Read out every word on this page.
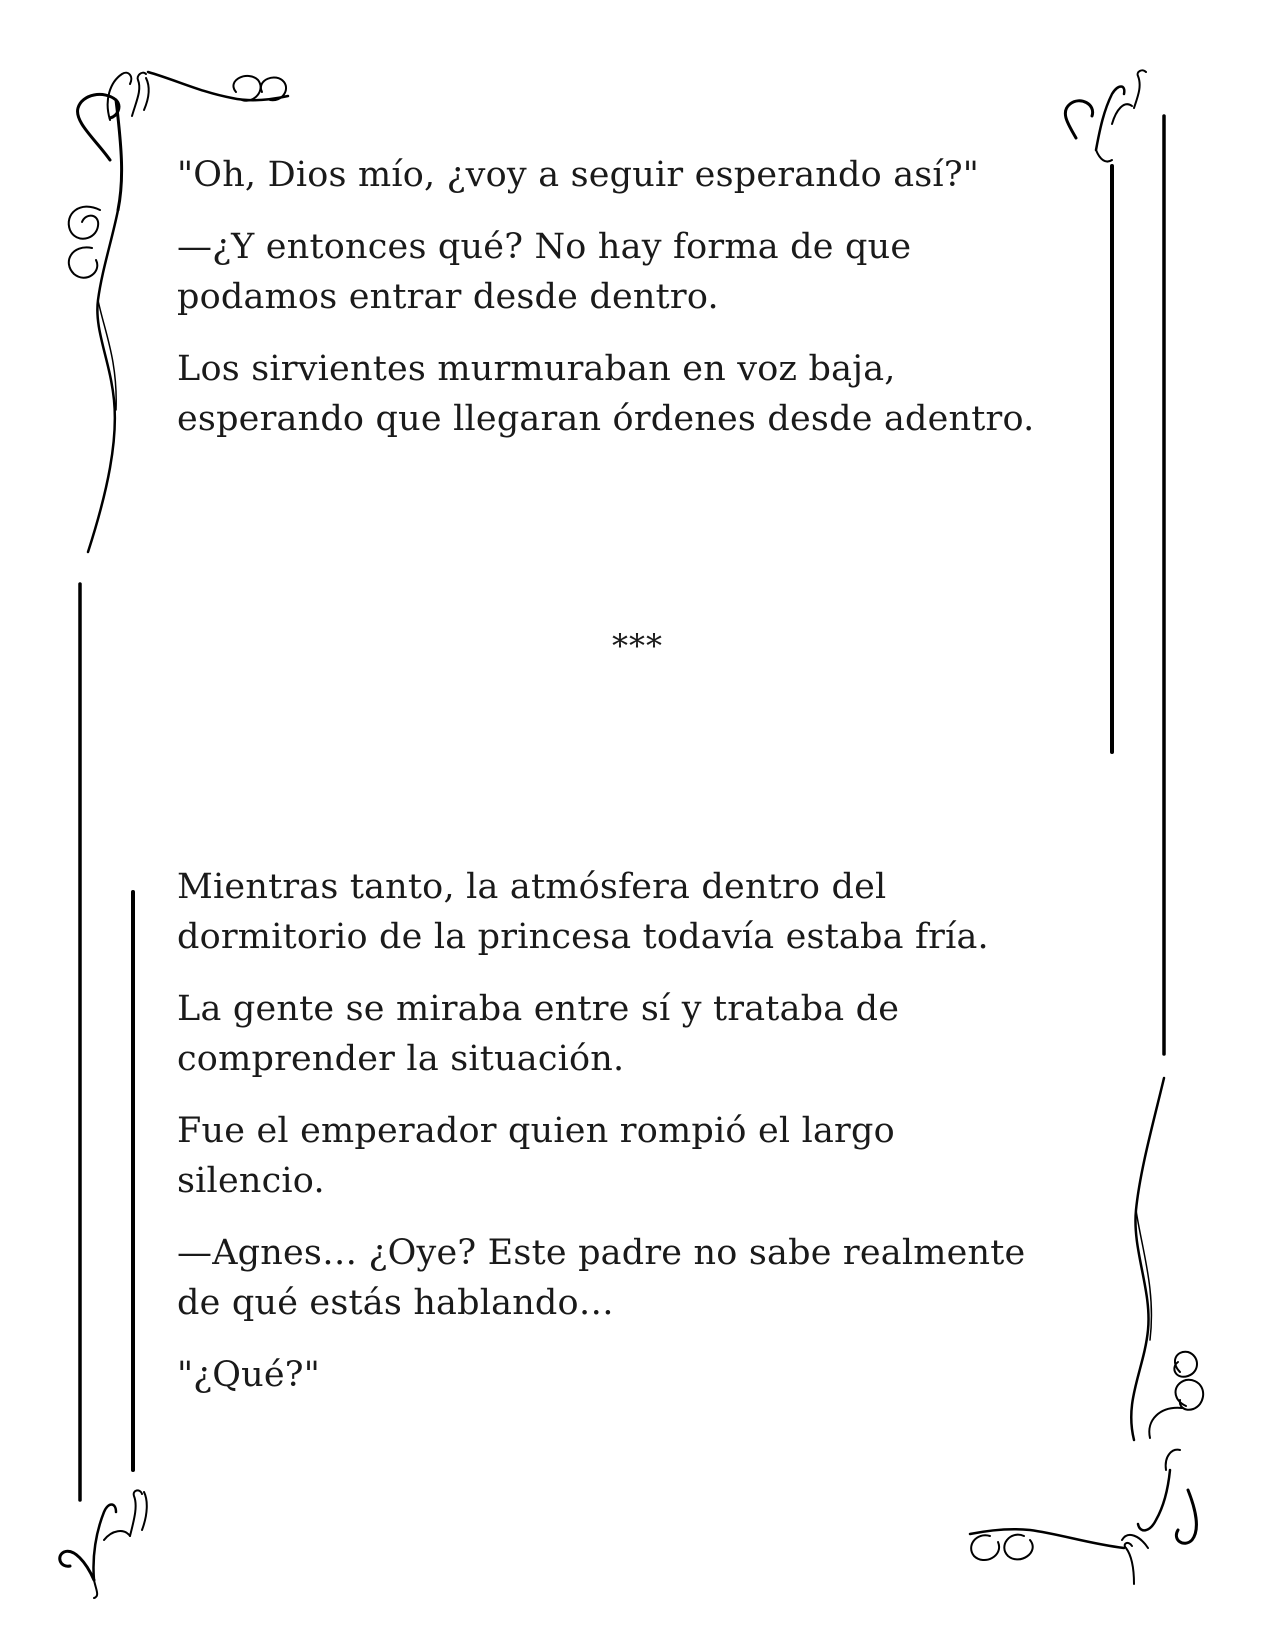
"Oh, Dios mío, ¿voy a seguir esperando así?"

—¿Y entonces qué? No hay forma de que
podamos entrar desde dentro.

Los sirvientes murmuraban en voz baja,
esperando que llegaran órdenes desde adentro.

***

Mientras tanto, la atmósfera dentro del
dormitorio de la princesa todavía estaba fría.

La gente se miraba entre sí y trataba de
comprender la situación.

Fue el emperador quien rompió el largo
silencio.

—Agnes… ¿Oye? Este padre no sabe realmente
de qué estás hablando…

"¿Qué?"
